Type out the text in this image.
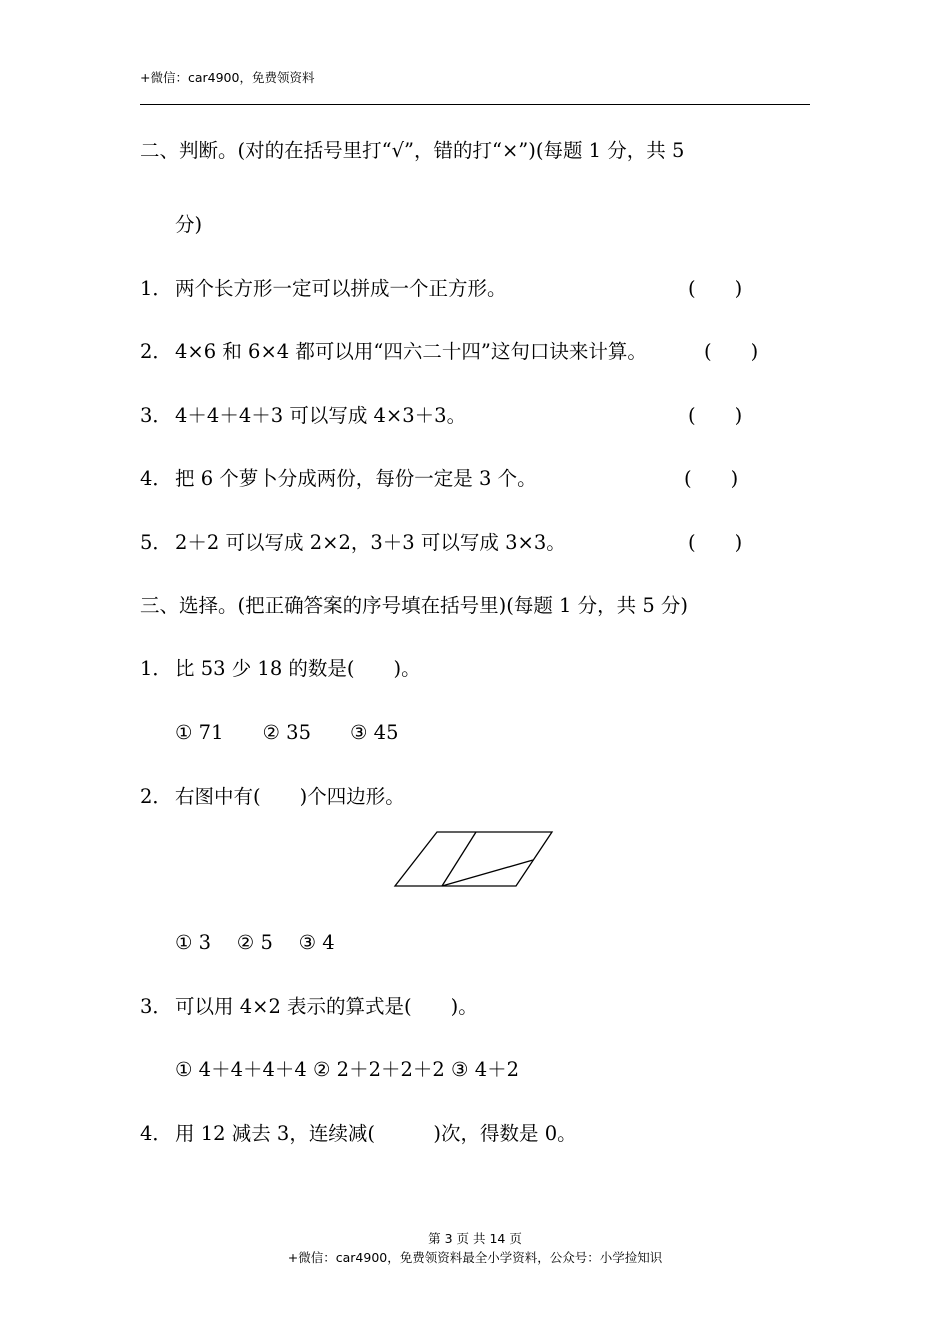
+微信：car4900，免费领资料
二、判断。(对的在括号里打“√”，错的打“×”)(每题 1 分，共 5
分)
1． 两个长方形一定可以拼成一个正方形。	(　　)
2． 4×6 和 6×4 都可以用“四六二十四”这句口诀来计算。	(　　)
3． 4＋4＋4＋3 可以写成 4×3＋3。	(　　)
4． 把 6 个萝卜分成两份，每份一定是 3 个。	(　　)
5． 2＋2 可以写成 2×2，3＋3 可以写成 3×3。	(　　)
三、选择。(把正确答案的序号填在括号里)(每题 1 分，共 5 分)
1． 比 53 少 18 的数是(　　)。
① 71　　② 35　　③ 45
2． 右图中有(　　)个四边形。
① 3　 ② 5　 ③ 4
3． 可以用 4×2 表示的算式是(　　)。
① 4＋4＋4＋4 ② 2＋2＋2＋2 ③ 4＋2
4． 用 12 减去 3，连续减(　　　)次，得数是 0。
第 3 页 共 14 页
+微信：car4900，免费领资料最全小学资料，公众号：小学捡知识
